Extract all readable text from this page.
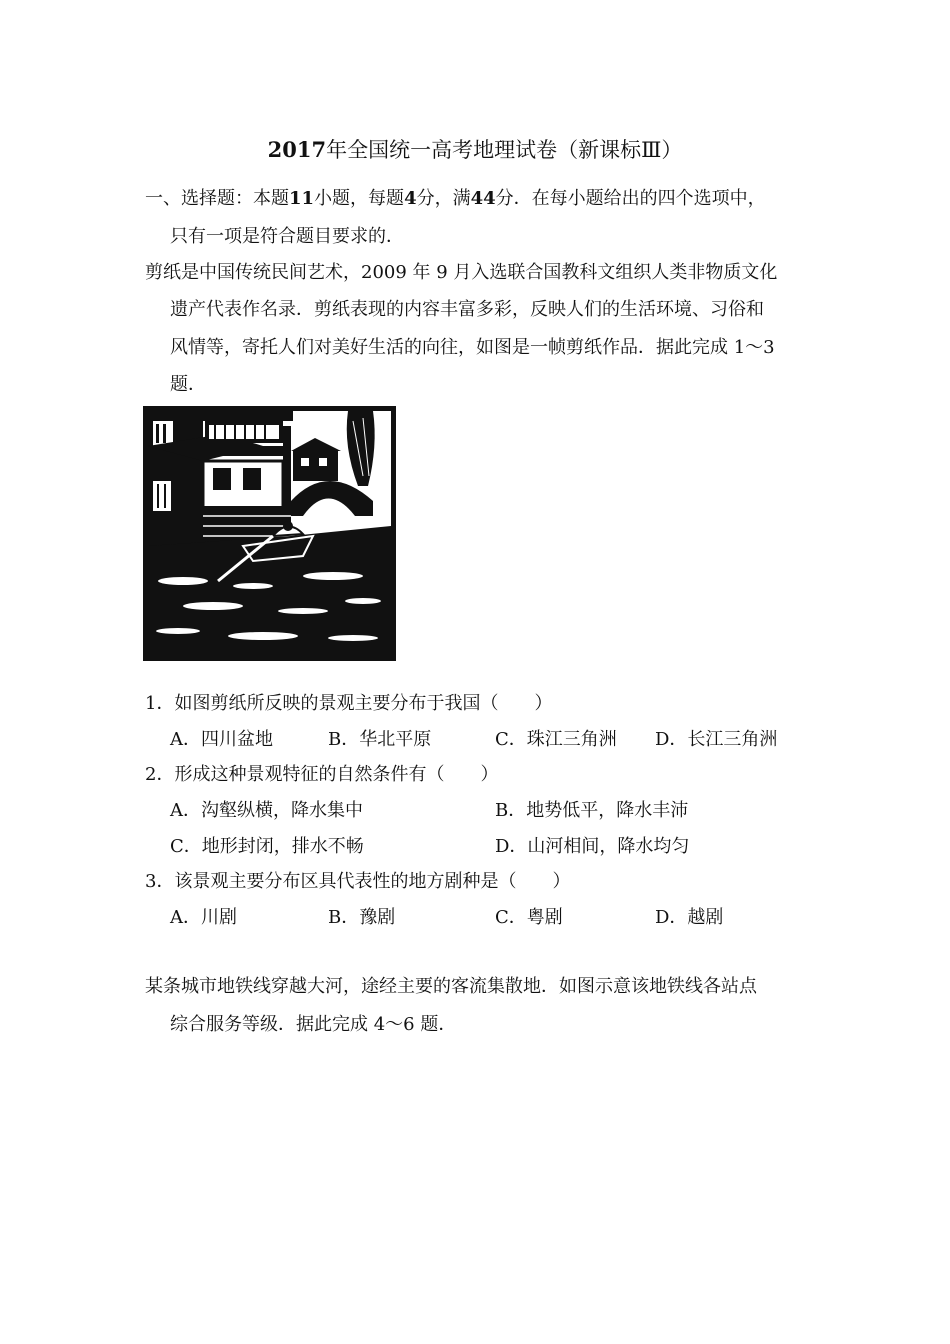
2017年全国统一高考地理试卷（新课标Ⅲ）
一、选择题：本题11小题，每题4分，满44分．在每小题给出的四个选项中，
只有一项是符合题目要求的．
剪纸是中国传统民间艺术，2009 年 9 月入选联合国教科文组织人类非物质文化
遗产代表作名录．剪纸表现的内容丰富多彩，反映人们的生活环境、习俗和
风情等，寄托人们对美好生活的向往，如图是一帧剪纸作品．据此完成 1～3
题．
1．如图剪纸所反映的景观主要分布于我国（　　）
A．四川盆地	B．华北平原	C．珠江三角洲 D．长江三角洲
2．形成这种景观特征的自然条件有（　　）
A．沟壑纵横，降水集中	B．地势低平，降水丰沛
C．地形封闭，排水不畅	D．山河相间，降水均匀
3．该景观主要分布区具代表性的地方剧种是（　　）
A．川剧	B．豫剧	C．粤剧	D．越剧
某条城市地铁线穿越大河，途经主要的客流集散地．如图示意该地铁线各站点
综合服务等级．据此完成 4～6 题．
